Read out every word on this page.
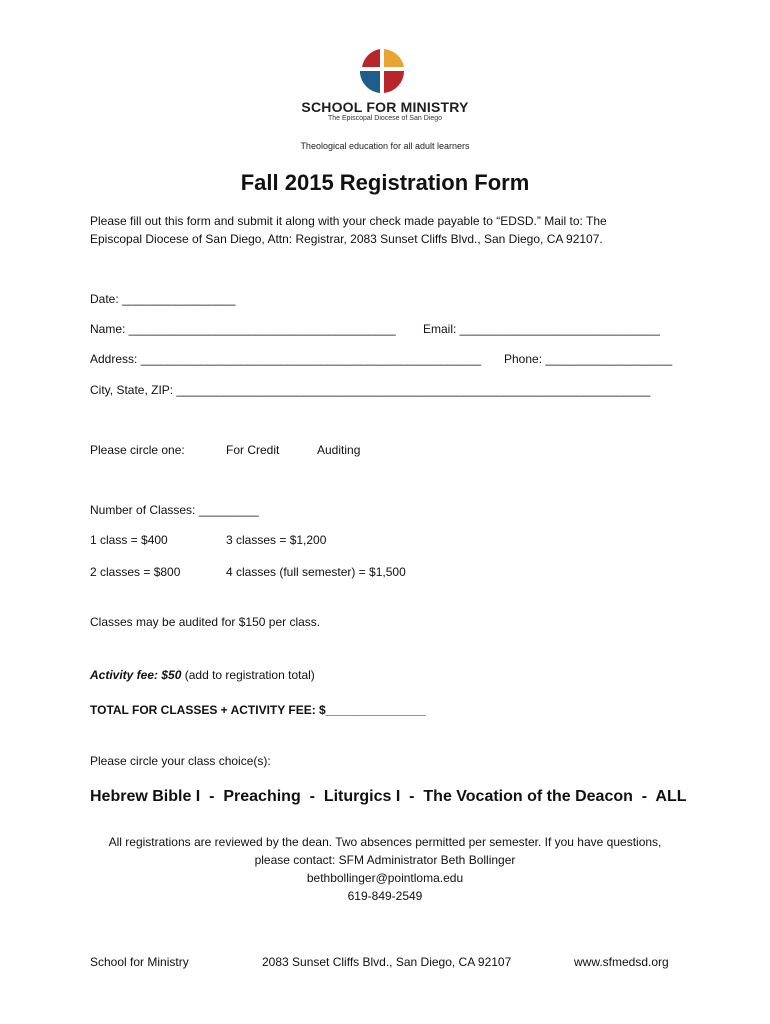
SCHOOL FOR MINISTRY
The Episcopal Diocese of San Diego
Theological education for all adult learners
Fall 2015 Registration Form
Please fill out this form and submit it along with your check made payable to “EDSD.” Mail to: The
Episcopal Diocese of San Diego, Attn: Registrar, 2083 Sunset Cliffs Blvd., San Diego, CA 92107.
Date: _________________
Name: ________________________________________ Email: ______________________________
Address: ___________________________________________________ Phone: ___________________
City, State, ZIP: _______________________________________________________________________
Please circle one:	For Credit	Auditing
Number of Classes: _________
1 class = $400	3 classes = $1,200
2 classes = $800	4 classes (full semester) = $1,500
Classes may be audited for $150 per class.
Activity fee: $50 (add to registration total)
TOTAL FOR CLASSES + ACTIVITY FEE: $_______________
Please circle your class choice(s):
Hebrew Bible I  -  Preaching  -  Liturgics I  -  The Vocation of the Deacon  -  ALL
All registrations are reviewed by the dean. Two absences permitted per semester. If you have questions,
please contact: SFM Administrator Beth Bollinger
bethbollinger@pointloma.edu
619-849-2549
School for Ministry	2083 Sunset Cliffs Blvd., San Diego, CA 92107	www.sfmedsd.org
